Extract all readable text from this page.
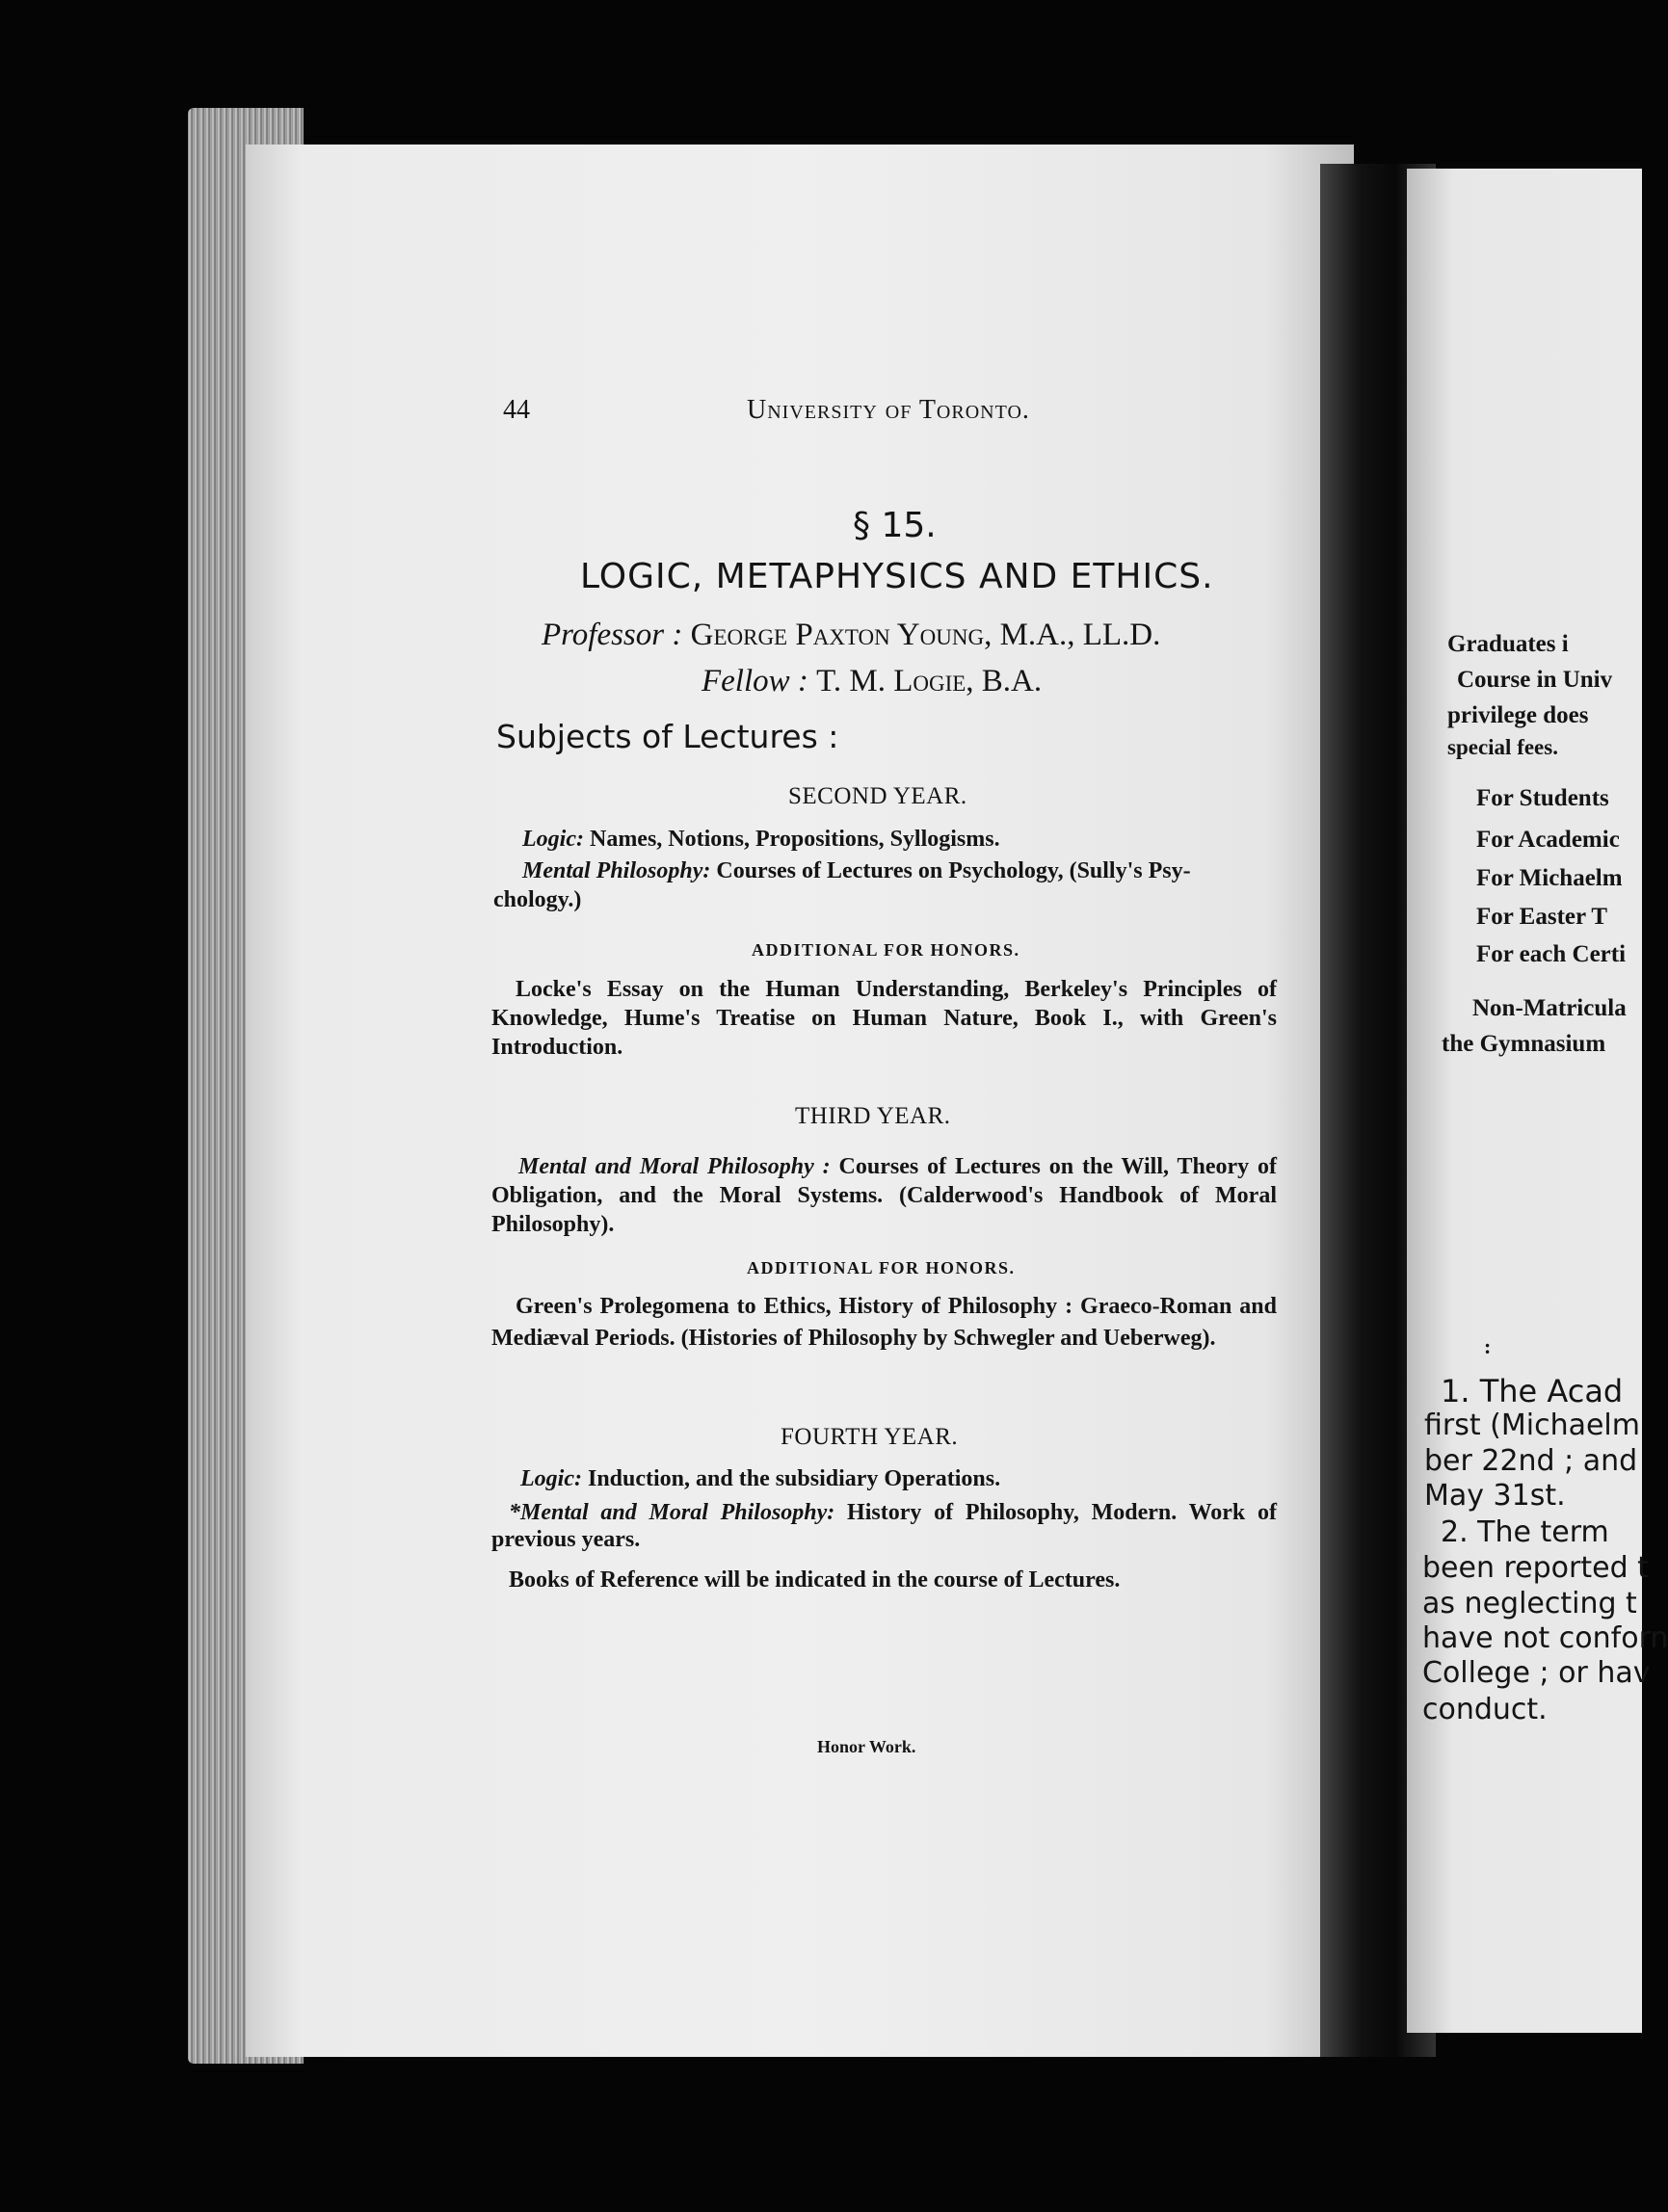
44	University of Toronto.
§ 15.
LOGIC, METAPHYSICS AND ETHICS.
Professor : George Paxton Young, M.A., LL.D.
Fellow : T. M. Logie, B.A.
Subjects of Lectures :
SECOND YEAR.
Logic: Names, Notions, Propositions, Syllogisms.
Mental Philosophy: Courses of Lectures on Psychology, (Sully's Psy-
chology.)
ADDITIONAL FOR HONORS.
Locke's Essay on the Human Understanding, Berkeley's Principles of Knowledge, Hume's Treatise on Human Nature, Book I., with Green's Introduction.
THIRD YEAR.
Mental and Moral Philosophy : Courses of Lectures on the Will, Theory of Obligation, and the Moral Systems. (Calderwood's Handbook of Moral Philosophy).
ADDITIONAL FOR HONORS.
Green's Prolegomena to Ethics, History of Philosophy : Graeco-Roman and Mediæval Periods. (Histories of Philosophy by Schwegler and Ueberweg).
FOURTH YEAR.
Logic: Induction, and the subsidiary Operations.
*Mental and Moral Philosophy: History of Philosophy, Modern. Work of previous years.
Books of Reference will be indicated in the course of Lectures.
Honor Work.
Graduates i
Course in Univ
privilege does
special fees.
For Students
For Academic
For Michaelm
For Easter T
For each Certi
Non-Matricula
the Gymnasium
:
1. The Acad
first (Michaelm
ber 22nd ; and
May 31st.
2. The term
been reported t
as neglecting t
have not conforn
College ; or hav
conduct.
